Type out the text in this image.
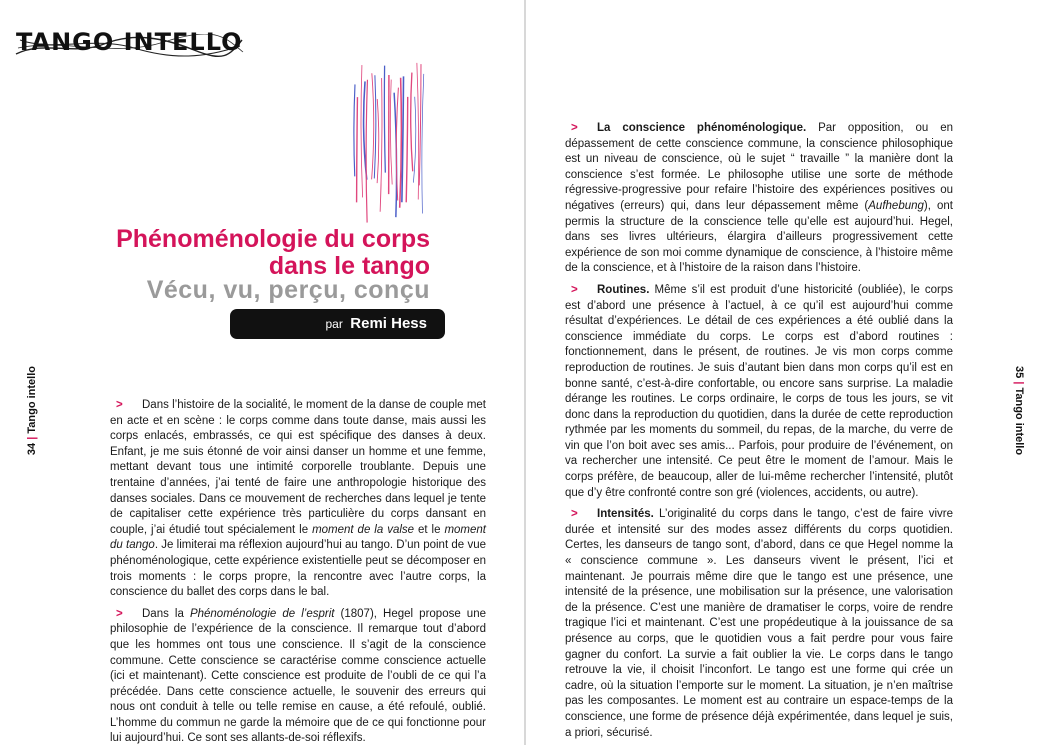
TANGO INTELLO
Phénoménologie du corps
dans le tango
Vécu, vu, perçu, conçu
par Remi Hess
34 | Tango intello	> Dans l’histoire de la socialité, le moment de la danse de couple met en acte et en scène : le corps comme dans toute danse, mais aussi les corps enlacés, embrassés, ce qui est spécifique des danses à deux. Enfant, je me suis étonné de voir ainsi danser un homme et une femme, mettant devant tous une intimité corporelle troublante. Depuis une trentaine d’années, j’ai tenté de faire une anthropologie historique des danses sociales. Dans ce mouvement de recherches dans lequel je tente de capitaliser cette expérience très particulière du corps dansant en couple, j’ai étudié tout spécialement le moment de la valse et le moment du tango. Je limiterai ma réflexion aujourd’hui au tango. D’un point de vue phénoménologique, cette expérience existentielle peut se décomposer en trois moments : le corps propre, la rencontre avec l’autre corps, la conscience du ballet des corps dans le bal.

> Dans la Phénoménologie de l’esprit (1807), Hegel propose une philosophie de l’expérience de la conscience. Il remarque tout d’abord que les hommes ont tous une conscience. Il s’agit de la conscience commune. Cette conscience se caractérise comme conscience actuelle (ici et maintenant). Cette conscience est produite de l’oubli de ce qui l’a précédée. Dans cette conscience actuelle, le souvenir des erreurs qui nous ont conduit à telle ou telle remise en cause, a été refoulé, oublié. L’homme du commun ne garde la mémoire que de ce qui fonctionne pour lui aujourd’hui. Ce sont ses allants-de-soi réflexifs.

35 | Tango intello

> La conscience phénoménologique. Par opposition, ou en dépassement de cette conscience commune, la conscience philosophique est un niveau de conscience, où le sujet “ travaille ” la manière dont la conscience s’est formée. Le philosophe utilise une sorte de méthode régressive-progressive pour refaire l’histoire des expériences positives ou négatives (erreurs) qui, dans leur dépassement même (Aufhebung), ont permis la structure de la conscience telle qu’elle est aujourd’hui. Hegel, dans ses livres ultérieurs, élargira d’ailleurs progressivement cette expérience de son moi comme dynamique de conscience, à l’histoire même de la conscience, et à l’histoire de la raison dans l’histoire.

> Routines. Même s’il est produit d’une historicité (oubliée), le corps est d’abord une présence à l’actuel, à ce qu’il est aujourd’hui comme résultat d’expériences. Le détail de ces expériences a été oublié dans la conscience immédiate du corps. Le corps est d’abord routines : fonctionnement, dans le présent, de routines. Je vis mon corps comme reproduction de routines. Je suis d’autant bien dans mon corps qu’il est en bonne santé, c’est-à-dire confortable, ou encore sans surprise. La maladie dérange les routines. Le corps ordinaire, le corps de tous les jours, se vit donc dans la reproduction du quotidien, dans la durée de cette reproduction rythmée par les moments du sommeil, du repas, de la marche, du verre de vin que l’on boit avec ses amis... Parfois, pour produire de l’événement, on va rechercher une intensité. Ce peut être le moment de l’amour. Mais le corps préfère, de beaucoup, aller de lui-même rechercher l’intensité, plutôt que d’y être confronté contre son gré (violences, accidents, ou autre).

> Intensités. L’originalité du corps dans le tango, c’est de faire vivre durée et intensité sur des modes assez différents du corps quotidien. Certes, les danseurs de tango sont, d’abord, dans ce que Hegel nomme la « conscience commune ». Les danseurs vivent le présent, l’ici et maintenant. Je pourrais même dire que le tango est une présence, une intensité de la présence, une mobilisation sur la présence, une valorisation de la présence. C’est une manière de dramatiser le corps, voire de rendre tragique l’ici et maintenant. C’est une propédeutique à la jouissance de sa présence au corps, que le quotidien vous a fait perdre pour vous faire gagner du confort. La survie a fait oublier la vie. Le corps dans le tango retrouve la vie, il choisit l’inconfort. Le tango est une forme qui crée un cadre, où la situation l’emporte sur le moment. La situation, je n’en maîtrise pas les composantes. Le moment est au contraire un espace-temps de la conscience, une forme de présence déjà expérimentée, dans lequel je suis, a priori, sécurisé.
